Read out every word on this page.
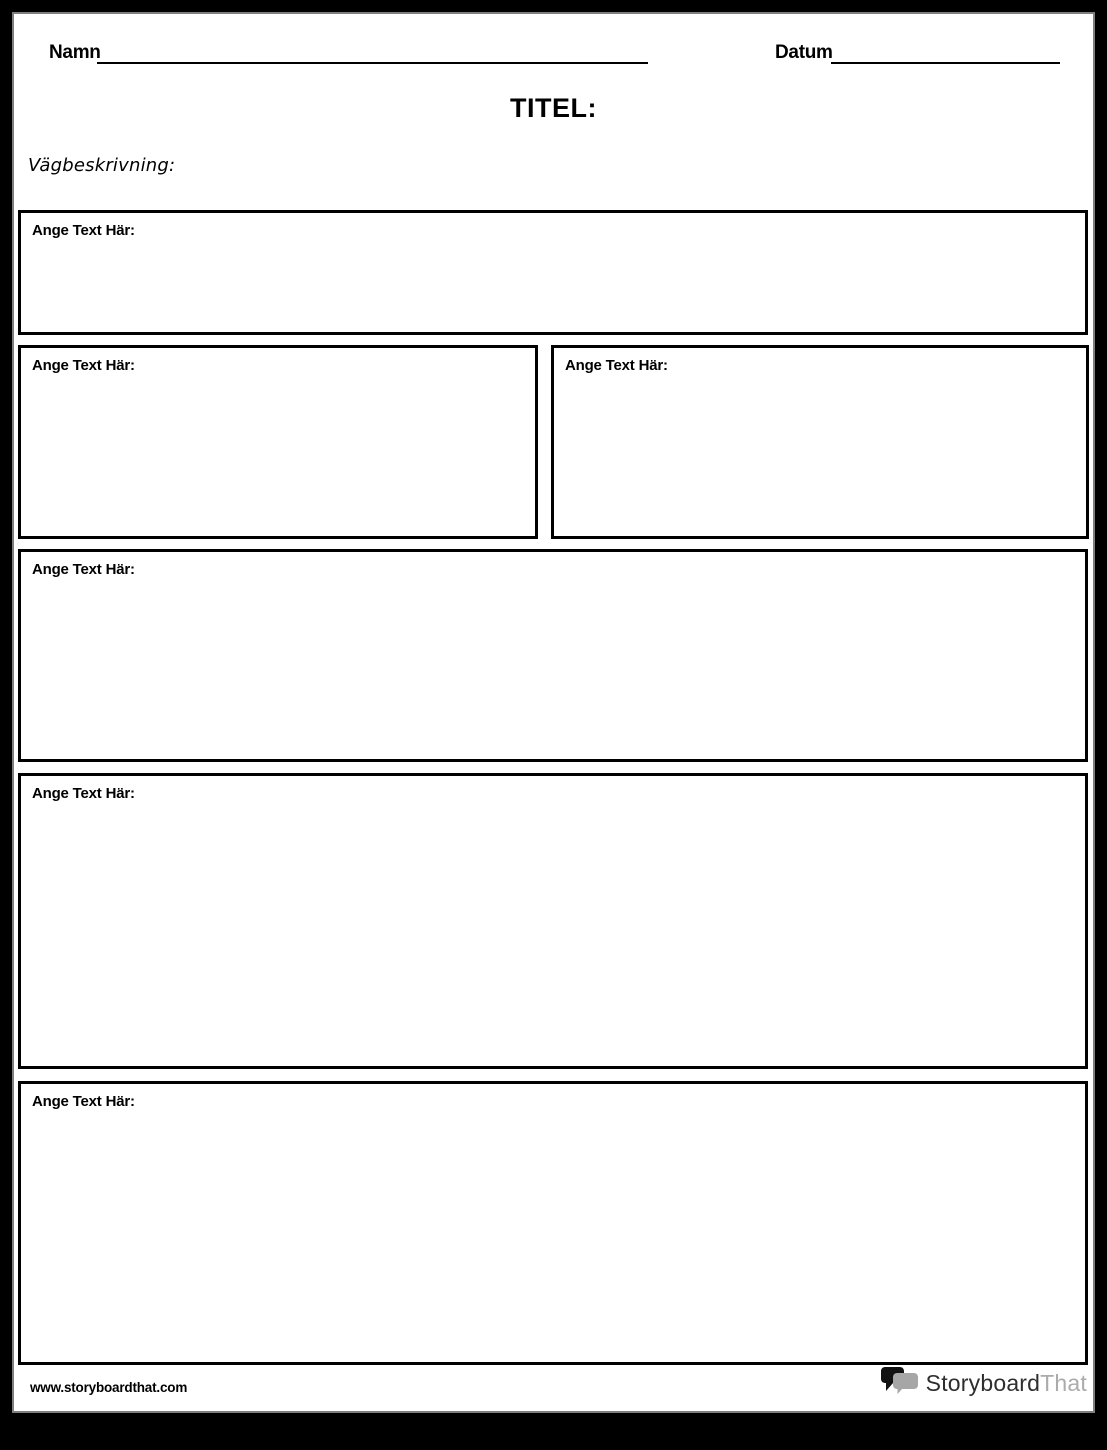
Namn	Datum
TITEL:
Vägbeskrivning:
Ange Text Här:
Ange Text Här:	Ange Text Här:
Ange Text Här:
Ange Text Här:
Ange Text Här:
www.storyboardthat.com	StoryboardThat
